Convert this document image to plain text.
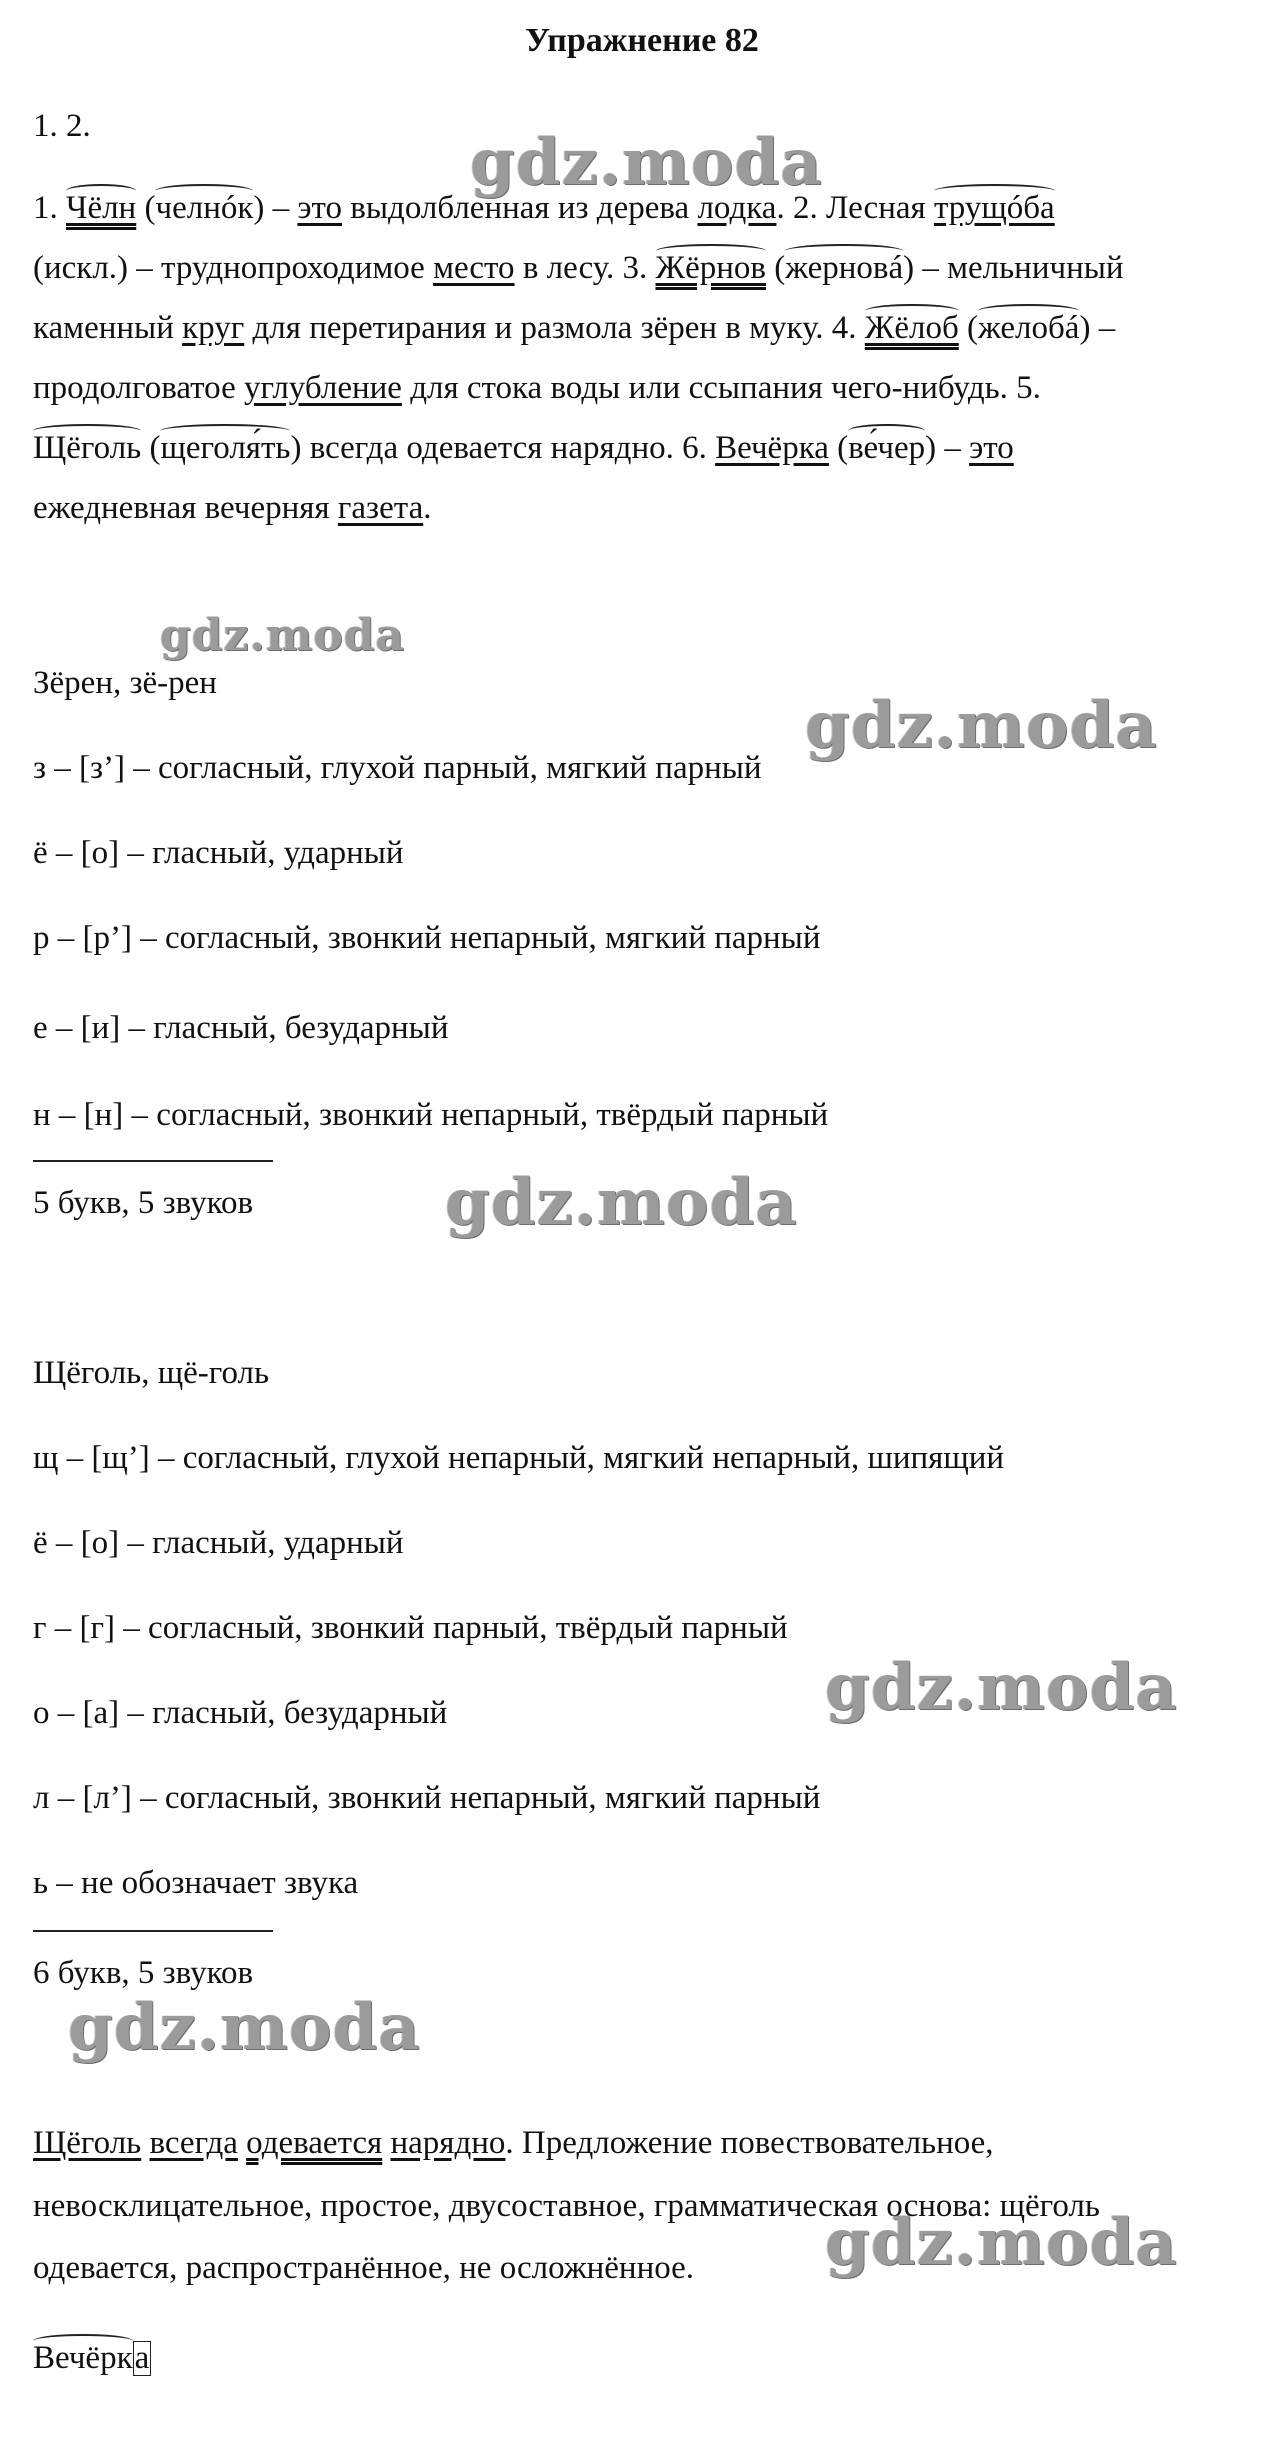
Упражнение 82
1. 2.
1. Чёлн (челнóк) – это выдолбленная из дерева лодка. 2. Лесная трущóба
(искл.) – труднопроходимое место в лесу. 3. Жёрнов (жерновá) – мельничный
каменный круг для перетирания и размола зёрен в муку. 4. Жёлоб (желобá) –
продолговатое углубление для стока воды или ссыпания чего-нибудь. 5.
Щёголь (щеголя́ть) всегда одевается нарядно. 6. Вечёрка (ве́чер) – это
ежедневная вечерняя газета.
Зёрен, зё-рен
з – [з’] – согласный, глухой парный, мягкий парный
ё – [о] – гласный, ударный
р – [р’] – согласный, звонкий непарный, мягкий парный
е – [и] – гласный, безударный
н – [н] – согласный, звонкий непарный, твёрдый парный
5 букв, 5 звуков
Щёголь, щё-голь
щ – [щ’] – согласный, глухой непарный, мягкий непарный, шипящий
ё – [о] – гласный, ударный
г – [г] – согласный, звонкий парный, твёрдый парный
о – [а] – гласный, безударный
л – [л’] – согласный, звонкий непарный, мягкий парный
ь – не обозначает звука
6 букв, 5 звуков
Щёголь всегда одевается нарядно. Предложение повествовательное,
невосклицательное, простое, двусоставное, грамматическая основа: щёголь
одевается, распространённое, не осложнённое.
Вечёрка
gdz.moda
gdz.moda
gdz.moda
gdz.moda
gdz.moda
gdz.moda
gdz.moda
